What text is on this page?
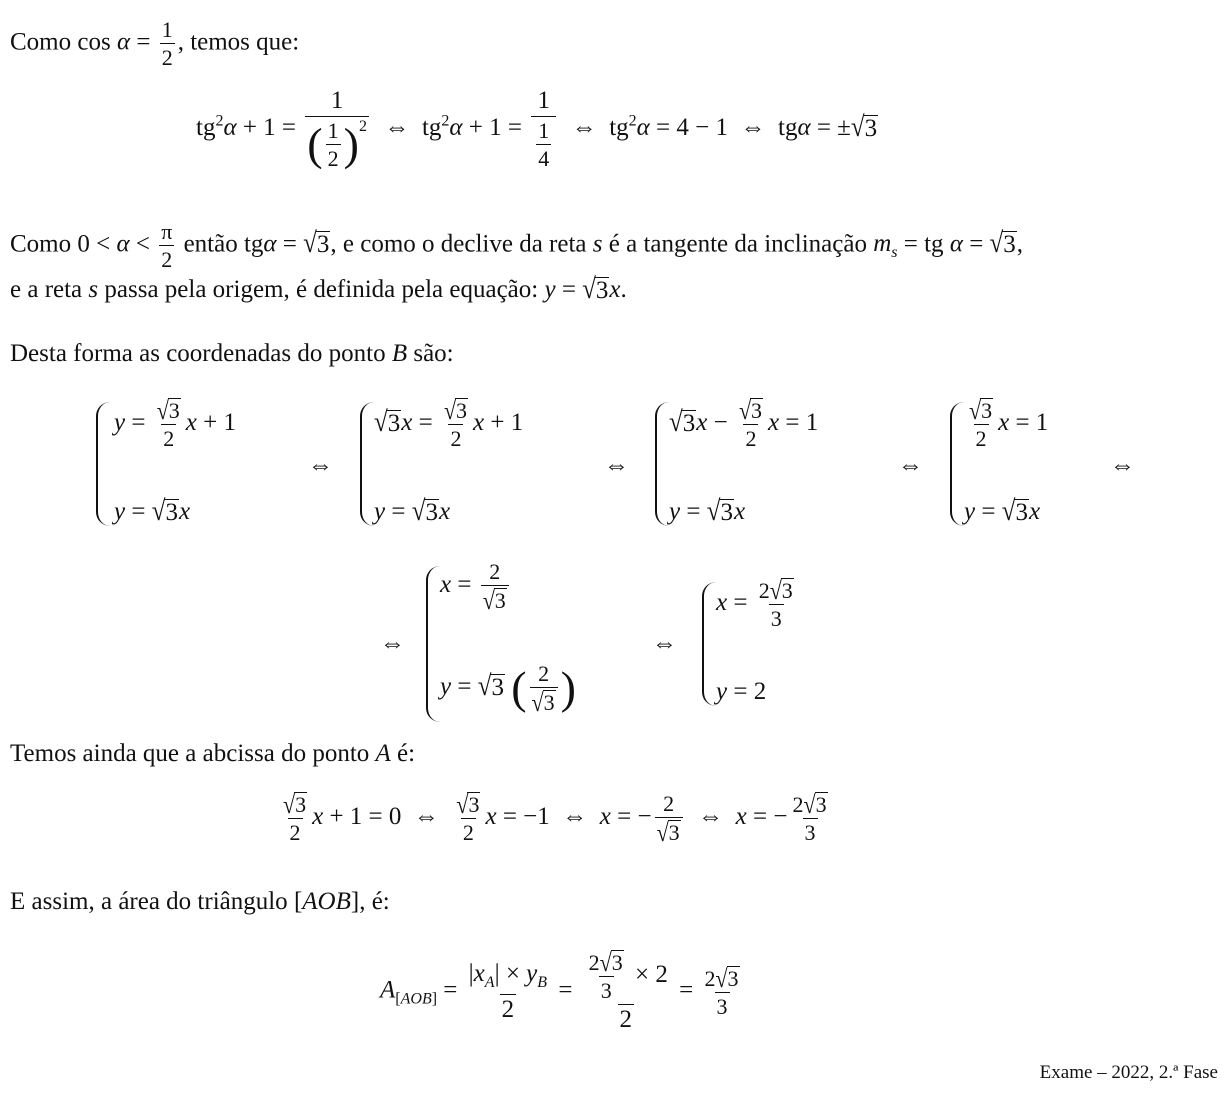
Como $\cos \alpha = \frac{1}{2}$ , temos que:
$tg^2\alpha + 1 = \frac{1}{( \frac{1}{2} )^2}$ ⇔  $tg^2\alpha + 1 = \frac{1}{\frac{1}{4}}$ ⇔  $tg^2\alpha = 4 - 1$  ⇔  tgα = ± √ 3
Como $0 < \alpha < \frac{\pi}{2}$ então tgα = √ 3 , e como o declive da reta s é a tangente da inclinação $m_s$ = tg α = √ 3 ,
e a reta s passa pela origem, é definida pela equação: y = √ 3 x.
Desta forma as coordenadas do ponto B são:
$y = \frac{√ 3}{2}$ x + 1
y = √ 3 x
⇔
√ 3 $x = \frac{√ 3}{2}$ x + 1
y = √ 3 x
⇔
√ 3 $x - \frac{√ 3}{2}$ x = 1
y = √ 3 x
⇔
$\frac{√ 3}{2}$ x = 1
y = √ 3 x
⇔
⇔
$x = \frac{2}{√ 3}$
y = √ 3 ( $\frac{2}{√ 3}$ )
⇔
$x = \frac{2 √ 3}{3}$
y = 2
Temos ainda que a abcissa do ponto A é:
$\frac{√ 3}{2}$ x + 1 = 0  ⇔ $\frac{√ 3}{2}$ x = −1  ⇔  x = − $\frac{2}{√ 3}$ ⇔  x = − $\frac{2 √ 3}{3}$
E assim, a área do triângulo [AOB], é:
$A_{[AOB]} = \frac{|x_A| \times y_B}{2} = \frac{\frac{2 √ 3}{3} \times 2}{2} = \frac{2 √ 3}{3}$
Exame – 2022, 2.ª Fase
